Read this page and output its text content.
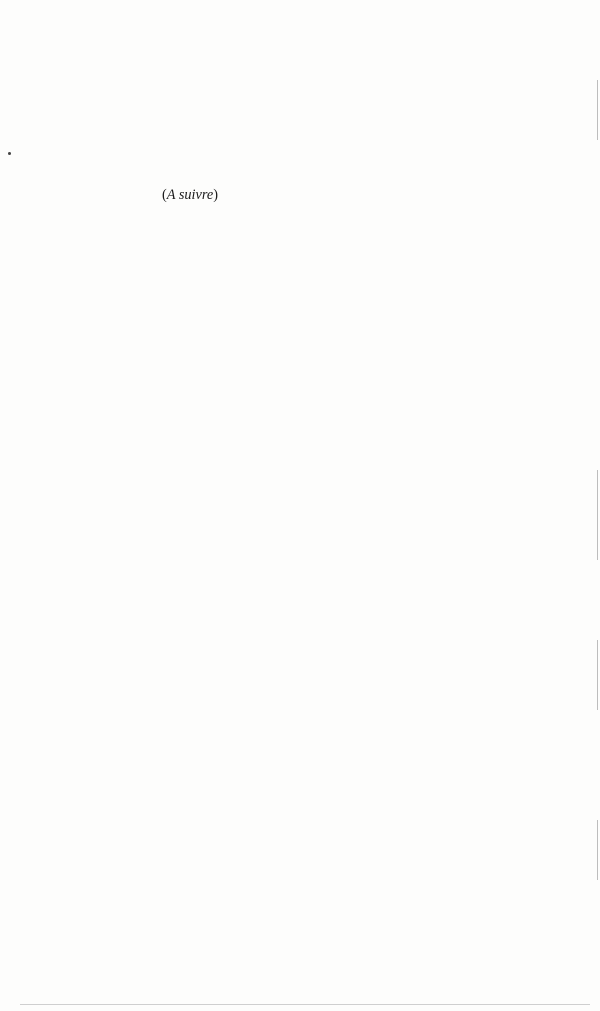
(A suivre)
